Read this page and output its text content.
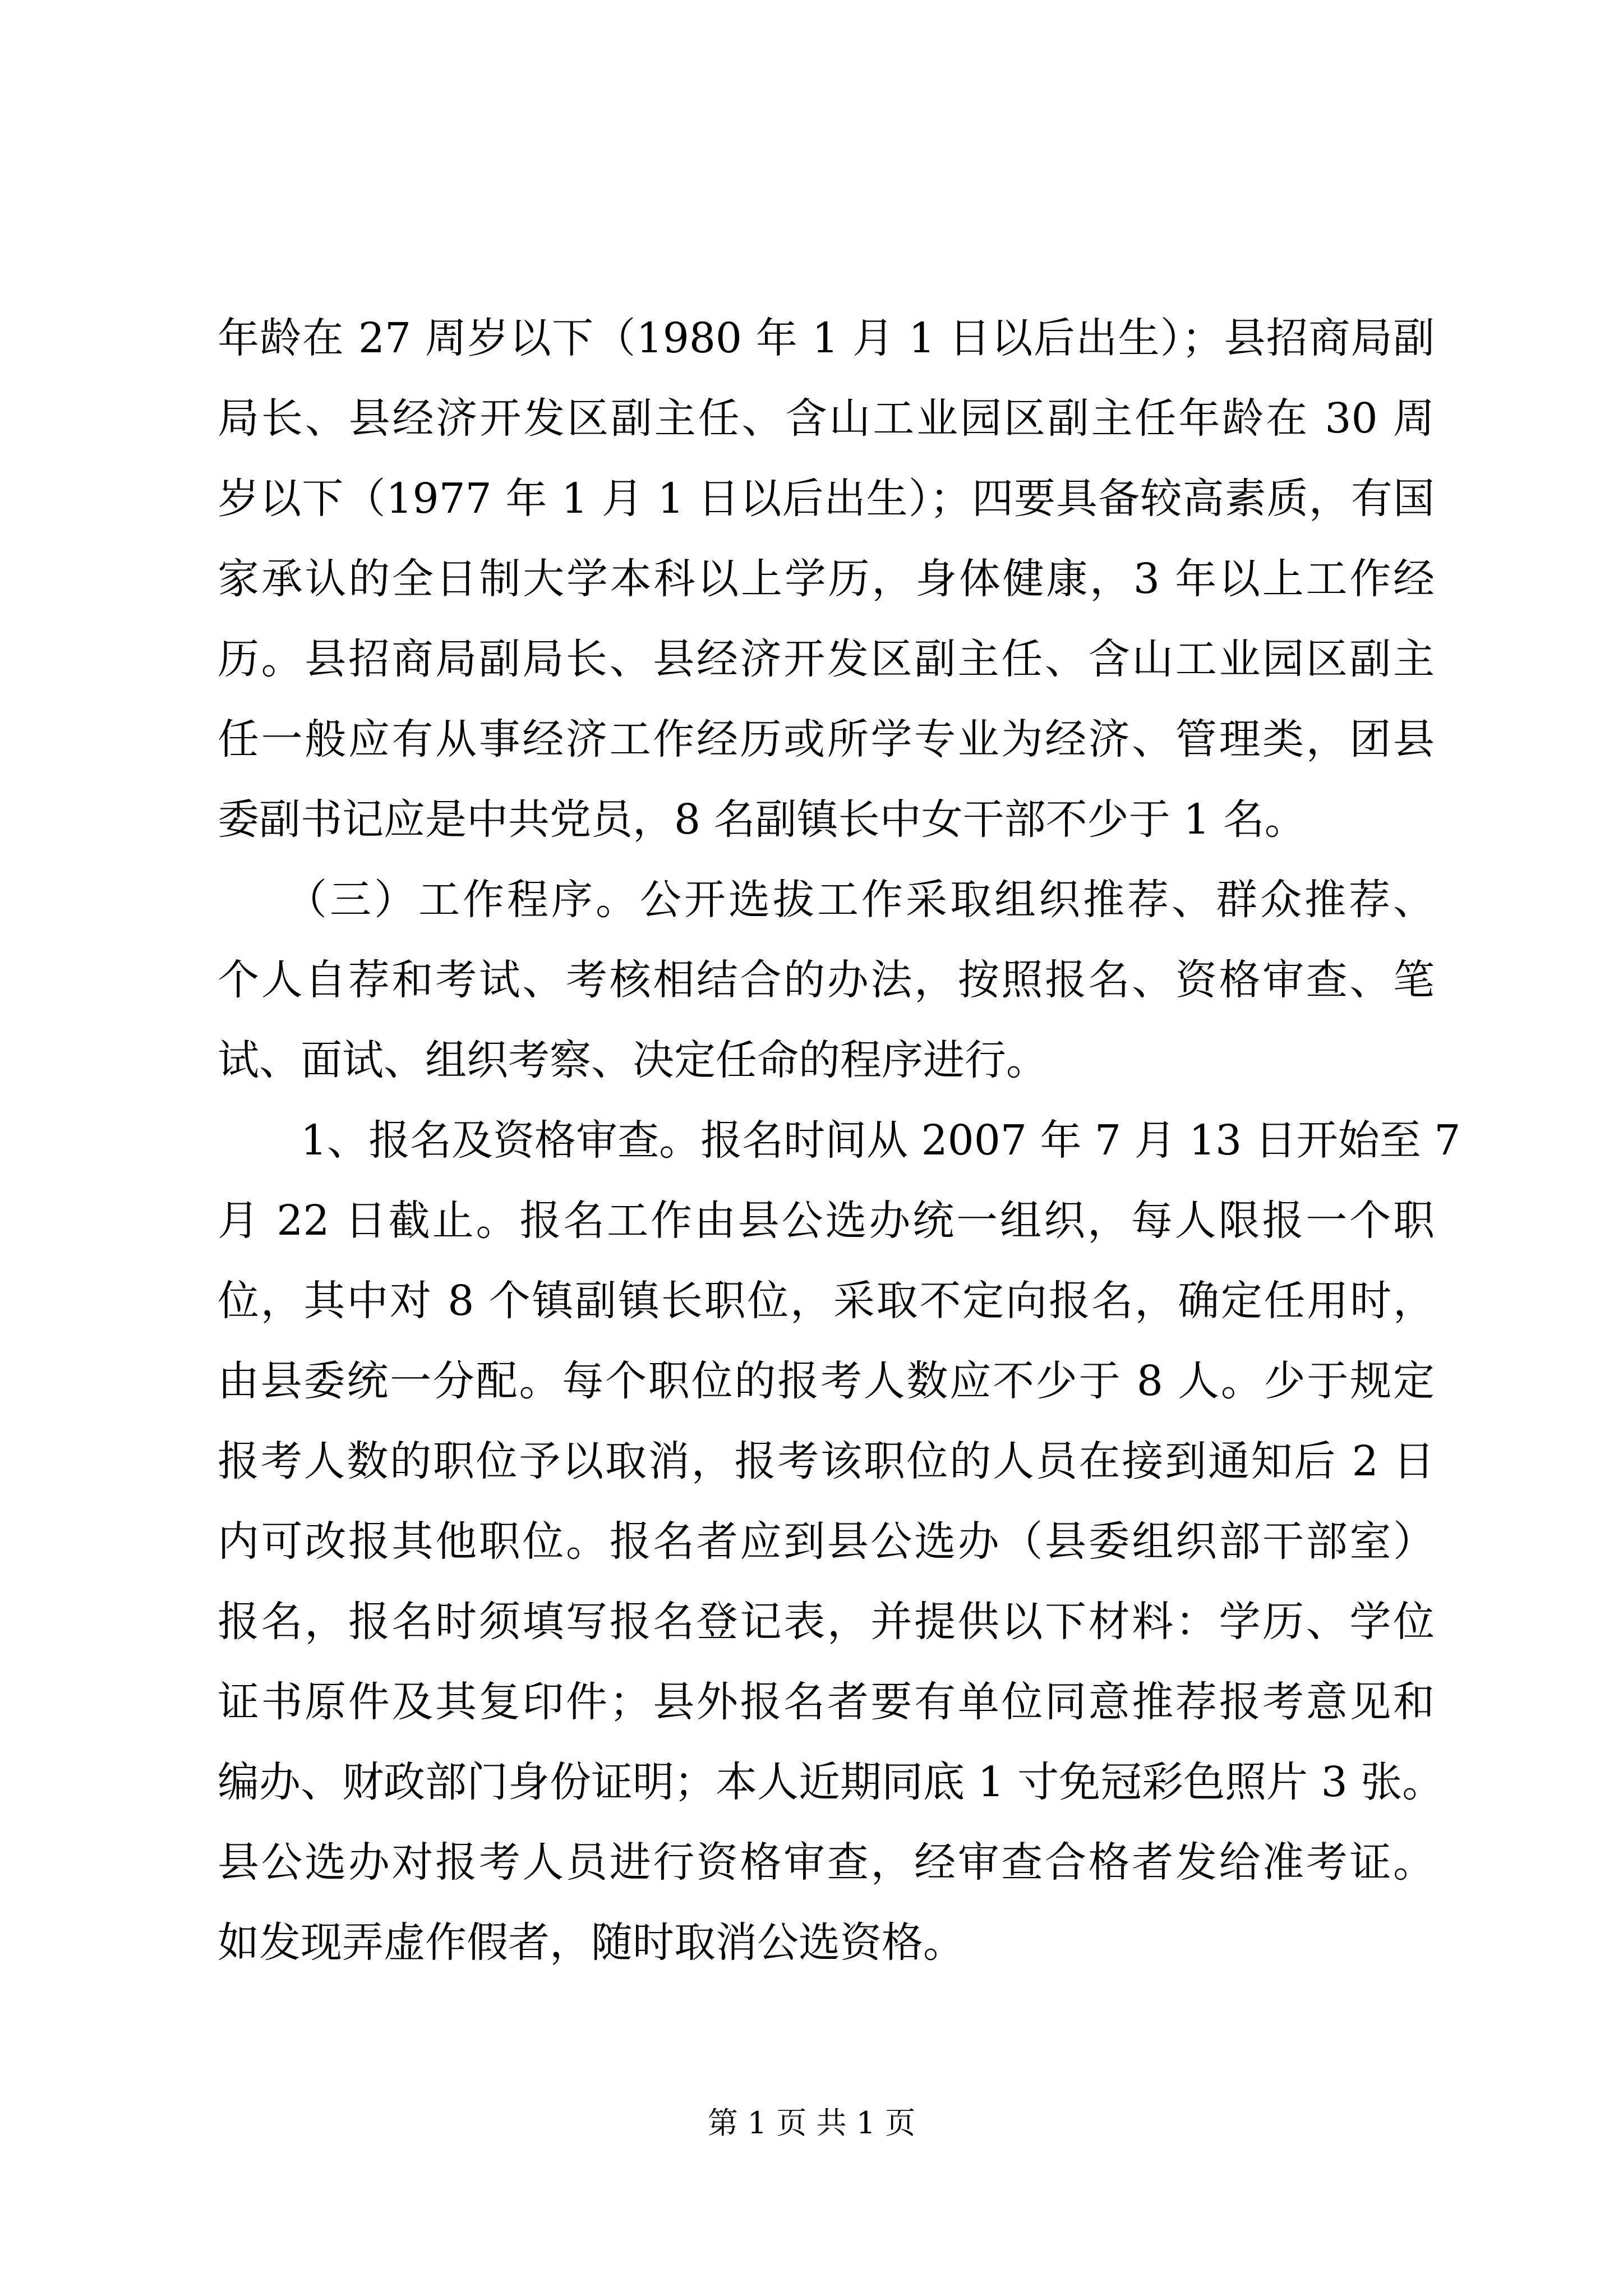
年龄在 27 周岁以下（1980 年 1 月 1 日以后出生）；县招商局副
局长、县经济开发区副主任、含山工业园区副主任年龄在 30 周
岁以下（1977 年 1 月 1 日以后出生）；四要具备较高素质，有国
家承认的全日制大学本科以上学历，身体健康，3 年以上工作经
历。县招商局副局长、县经济开发区副主任、含山工业园区副主
任一般应有从事经济工作经历或所学专业为经济、管理类，团县
委副书记应是中共党员，8 名副镇长中女干部不少于 1 名。
　　（三）工作程序。公开选拔工作采取组织推荐、群众推荐、
个人自荐和考试、考核相结合的办法，按照报名、资格审查、笔
试、面试、组织考察、决定任命的程序进行。
　　1、报名及资格审查。报名时间从 2007 年 7 月 13 日开始至 7
月 22 日截止。报名工作由县公选办统一组织，每人限报一个职
位，其中对 8 个镇副镇长职位，采取不定向报名，确定任用时，
由县委统一分配。每个职位的报考人数应不少于 8 人。少于规定
报考人数的职位予以取消，报考该职位的人员在接到通知后 2 日
内可改报其他职位。报名者应到县公选办（县委组织部干部室）
报名，报名时须填写报名登记表，并提供以下材料：学历、学位
证书原件及其复印件；县外报名者要有单位同意推荐报考意见和
编办、财政部门身份证明；本人近期同底 1 寸免冠彩色照片 3 张。
县公选办对报考人员进行资格审查，经审查合格者发给准考证。
如发现弄虚作假者，随时取消公选资格。
第 1 页 共 1 页
